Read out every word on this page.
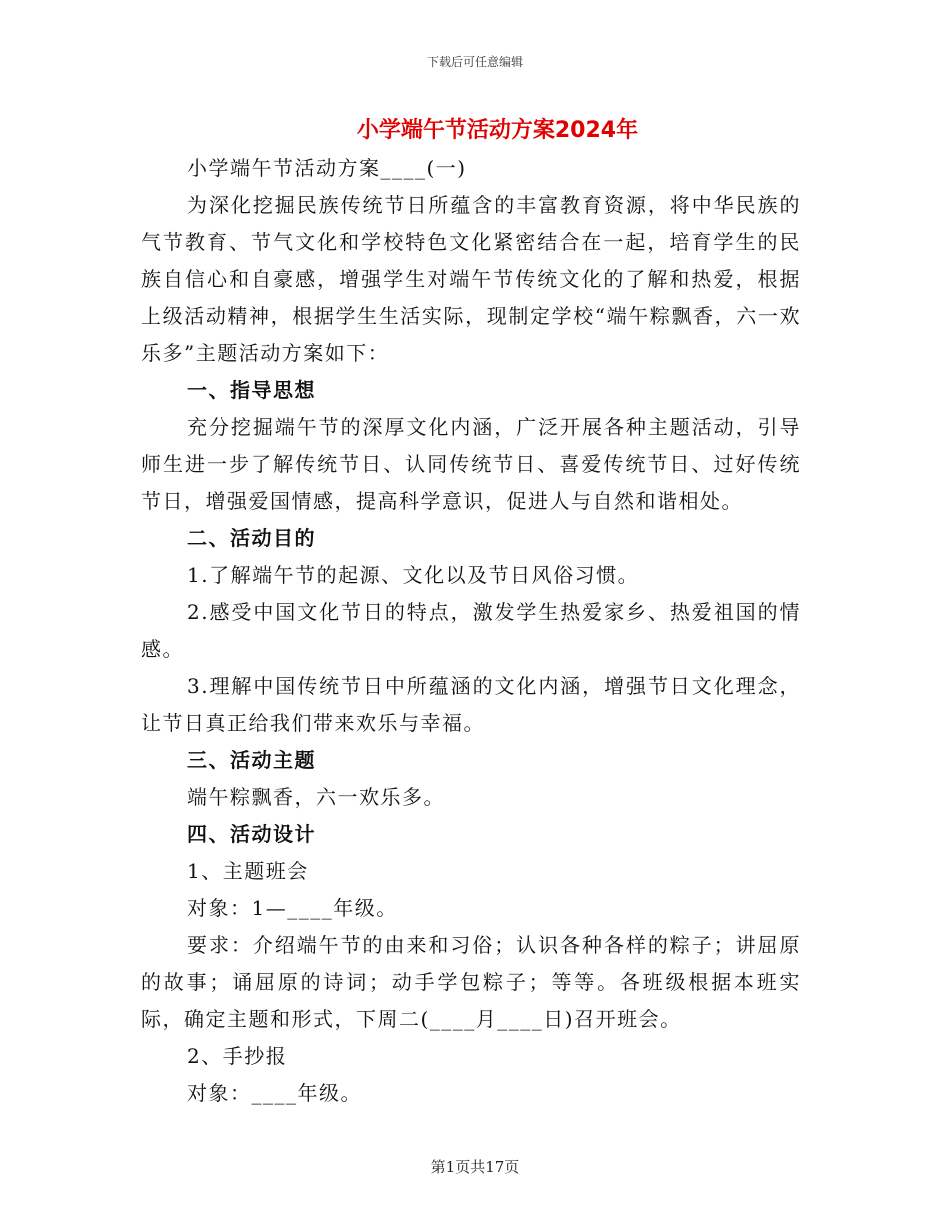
下载后可任意编辑
小学端午节活动方案2024年

小学端午节活动方案____(一)

为深化挖掘民族传统节日所蕴含的丰富教育资源，将中华民族的气节教育、节气文化和学校特色文化紧密结合在一起，培育学生的民族自信心和自豪感，增强学生对端午节传统文化的了解和热爱，根据上级活动精神，根据学生生活实际，现制定学校“端午粽飘香，六一欢乐多”主题活动方案如下：

一、指导思想

充分挖掘端午节的深厚文化内涵，广泛开展各种主题活动，引导师生进一步了解传统节日、认同传统节日、喜爱传统节日、过好传统节日，增强爱国情感，提高科学意识，促进人与自然和谐相处。

二、活动目的

1.了解端午节的起源、文化以及节日风俗习惯。

2.感受中国文化节日的特点，激发学生热爱家乡、热爱祖国的情感。

3.理解中国传统节日中所蕴涵的文化内涵，增强节日文化理念，让节日真正给我们带来欢乐与幸福。

三、活动主题

端午粽飘香，六一欢乐多。

四、活动设计

1、主题班会

对象：1—____年级。

要求：介绍端午节的由来和习俗；认识各种各样的粽子；讲屈原的故事；诵屈原的诗词；动手学包粽子；等等。各班级根据本班实际，确定主题和形式，下周二(____月____日)召开班会。

2、手抄报

对象：____年级。

第1页共17页
